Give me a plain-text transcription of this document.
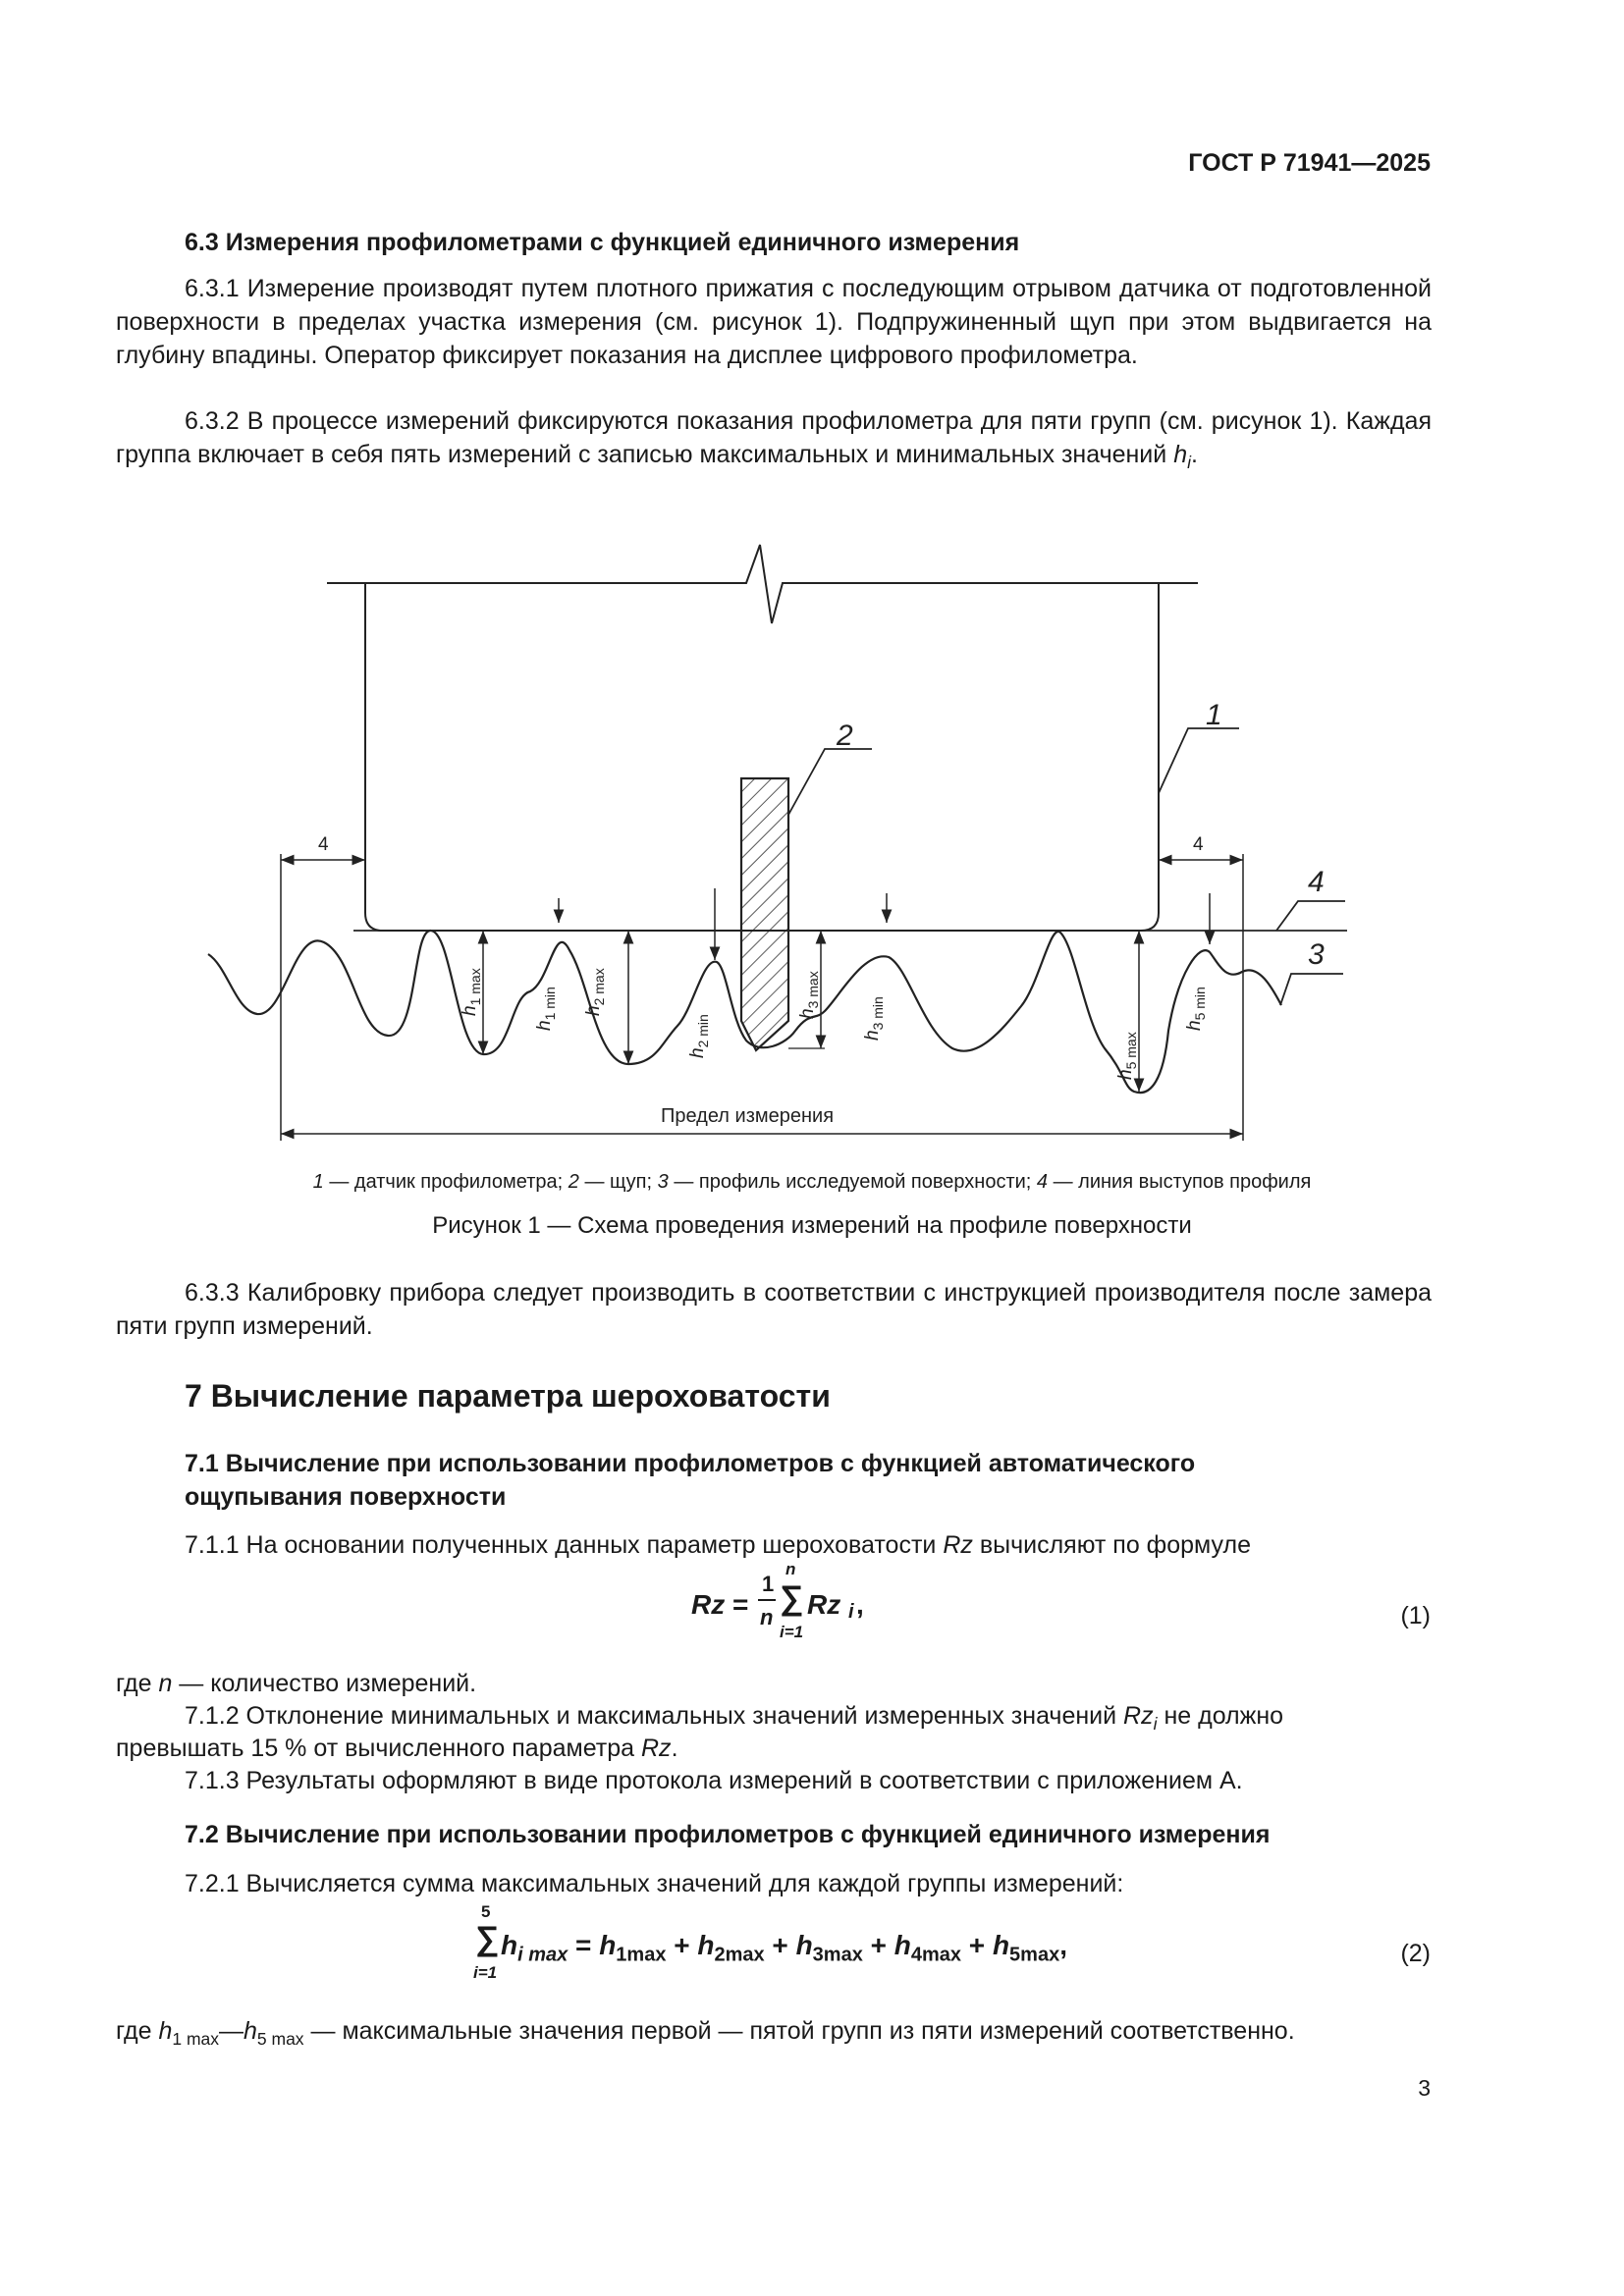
ГОСТ Р 71941—2025
6.3 Измерения профилометрами с функцией единичного измерения
6.3.1 Измерение производят путем плотного прижатия с последующим отрывом датчика от подготовленной поверхности в пределах участка измерения (см. рисунок 1). Подпружиненный щуп при этом выдвигается на глубину впадины. Оператор фиксирует показания на дисплее цифрового профилометра.
6.3.2 В процессе измерений фиксируются показания профилометра для пяти групп (см. рисунок 1). Каждая группа включает в себя пять измерений с записью максимальных и минимальных значений $h_i$.
1
2
3
4
4	4
Предел измерения
$h_{1 max}$
$h_{1 min}$ $h_{2 max}$
$h_{2 min}$
$h_{3 max}$
$h_{3 min}$
$h_{5 max}$
$h_{5 min}$
1 — датчик профилометра; 2 — щуп; 3 — профиль исследуемой поверхности; 4 — линия выступов профиля
Рисунок 1 — Схема проведения измерений на профиле поверхности
6.3.3 Калибровку прибора следует производить в соответствии с инструкцией производителя после замера пяти групп измерений.
7 Вычисление параметра шероховатости
7.1 Вычисление при использовании профилометров с функцией автоматического
ощупывания поверхности
7.1.1 На основании полученных данных параметр шероховатости Rz вычисляют по формуле
Rz =
1
n
n
∑
i=1
Rz i ,	(1)
где n — количество измерений.
7.1.2 Отклонение минимальных и максимальных значений измеренных значений $Rz_i$ не должно
превышать 15 % от вычисленного параметра Rz.
7.1.3 Результаты оформляют в виде протокола измерений в соответствии с приложением А.
7.2 Вычисление при использовании профилометров с функцией единичного измерения
7.2.1 Вычисляется сумма максимальных значений для каждой группы измерений:
5
∑
i=1
$h_{i max} = h_{1max} + h_{2max} + h_{3max} + h_{4max} + h_{5max}$,	(2)
где $h_{1 max}—h_{5 max}$ — максимальные значения первой — пятой групп из пяти измерений соответственно.
3
